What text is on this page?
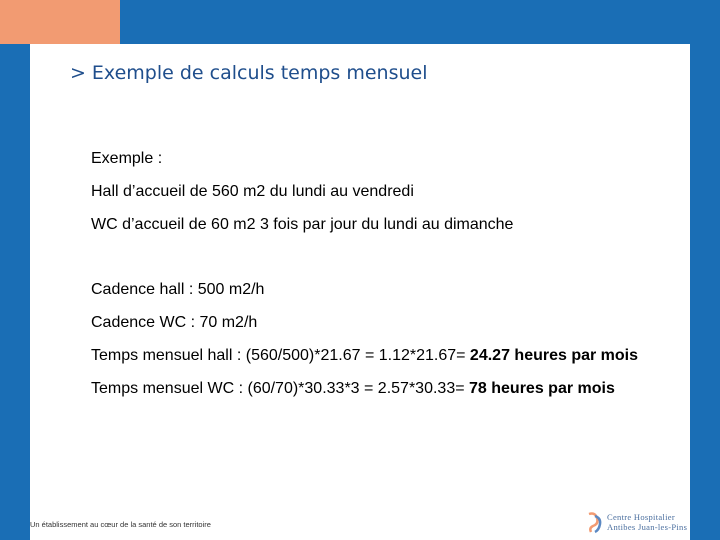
> Exemple de calculs temps mensuel

Exemple :

Hall d’accueil de 560 m2 du lundi au vendredi

WC d’accueil de 60 m2 3 fois par jour du lundi au dimanche

Cadence hall : 500 m2/h

Cadence WC : 70 m2/h

Temps mensuel hall : (560/500)*21.67 = 1.12*21.67= 24.27 heures par mois

Temps mensuel WC : (60/70)*30.33*3 = 2.57*30.33= 78 heures par mois

Un établissement au cœur de la santé de son territoire
Centre Hospitalier
Antibes Juan-les-Pins
